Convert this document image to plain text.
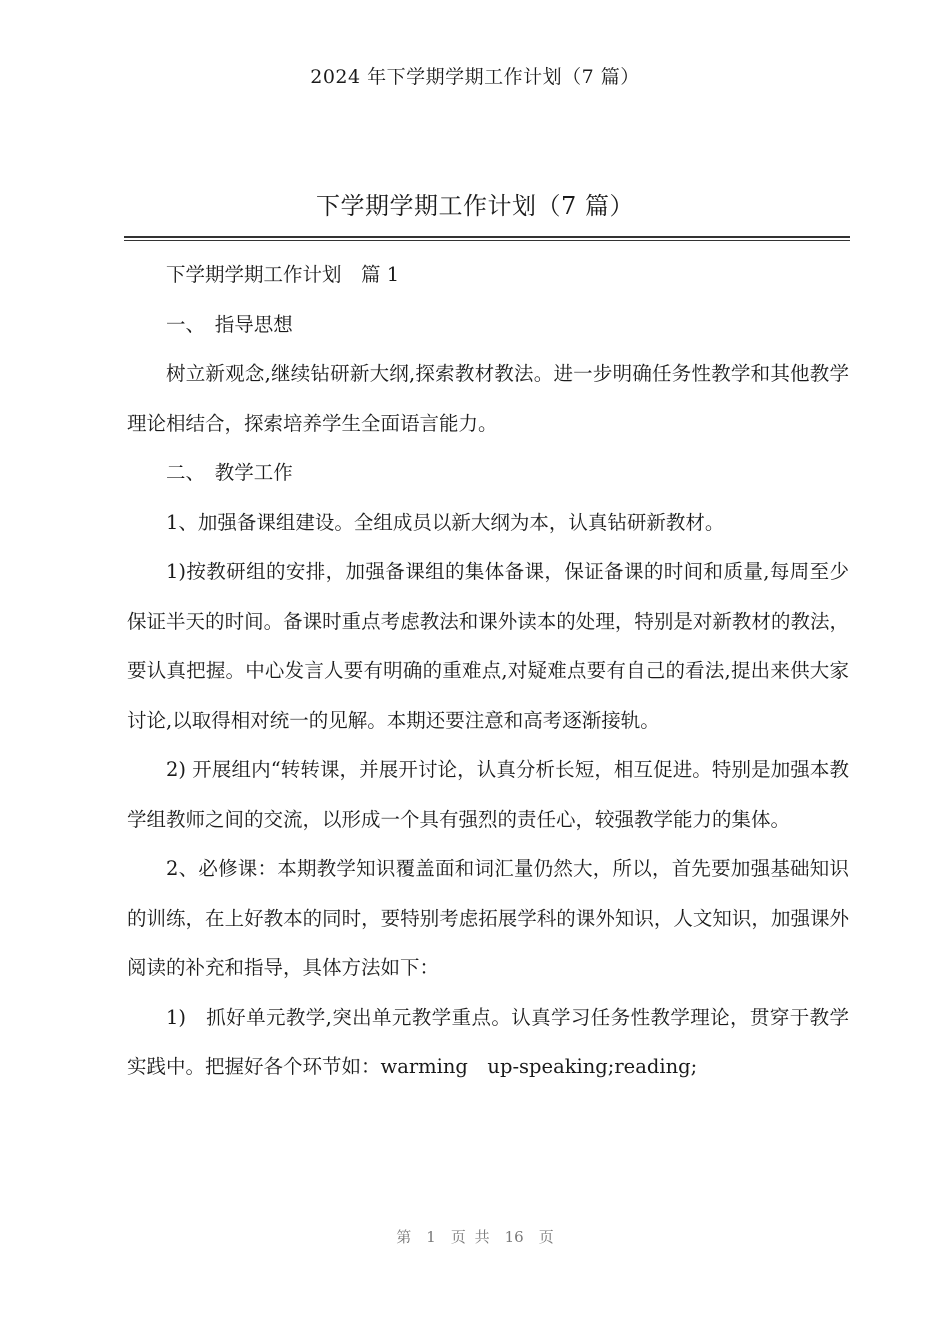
2024 年下学期学期工作计划（7 篇）
下学期学期工作计划（7 篇）

下学期学期工作计划　篇 1

一、　指导思想

树立新观念,继续钻研新大纲,探索教材教法。进一步明确任务性教学和其他教学理论相结合，探索培养学生全面语言能力。

二、　教学工作

1、加强备课组建设。全组成员以新大纲为本，认真钻研新教材。

1)按教研组的安排，加强备课组的集体备课，保证备课的时间和质量,每周至少保证半天的时间。备课时重点考虑教法和课外读本的处理，特别是对新教材的教法，要认真把握。中心发言人要有明确的重难点,对疑难点要有自己的看法,提出来供大家讨论,以取得相对统一的见解。本期还要注意和高考逐渐接轨。

2) 开展组内“转转课，并展开讨论，认真分析长短，相互促进。特别是加强本教学组教师之间的交流，以形成一个具有强烈的责任心，较强教学能力的集体。

2、必修课：本期教学知识覆盖面和词汇量仍然大，所以，首先要加强基础知识的训练，在上好教本的同时，要特别考虑拓展学科的课外知识，人文知识，加强课外阅读的补充和指导，具体方法如下：

1)　抓好单元教学,突出单元教学重点。认真学习任务性教学理论，贯穿于教学实践中。把握好各个环节如：warming　up-speaking;reading;

第　1　页 共　16　页
